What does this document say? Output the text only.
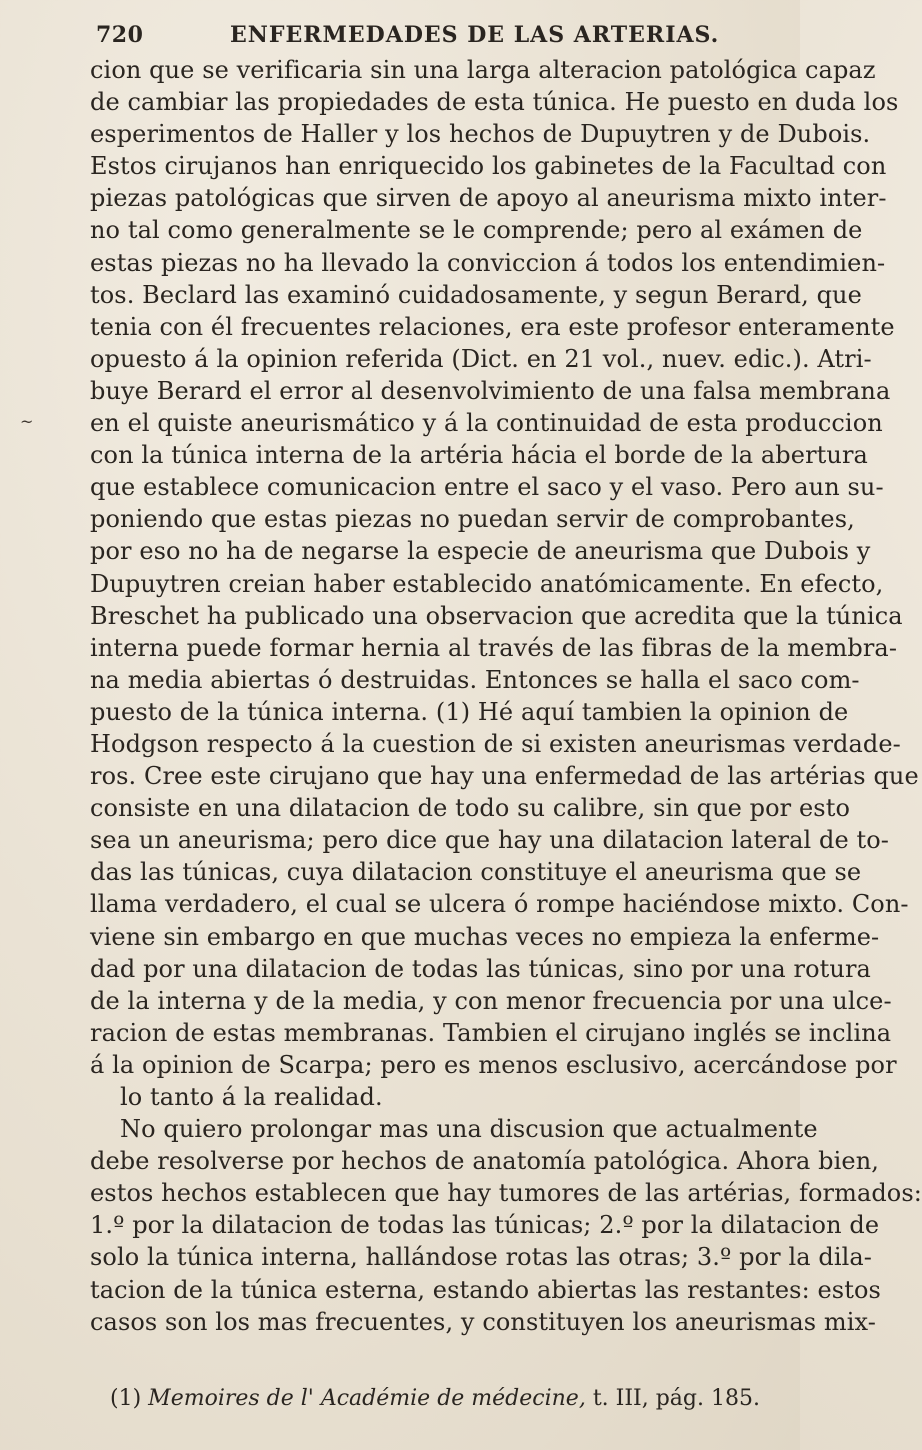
720	ENFERMEDADES DE LAS ARTERIAS.
~
cion que se verificaria sin una larga alteracion patológica capaz
de cambiar las propiedades de esta túnica. He puesto en duda los
esperimentos de Haller y los hechos de Dupuytren y de Dubois.
Estos cirujanos han enriquecido los gabinetes de la Facultad con
piezas patológicas que sirven de apoyo al aneurisma mixto inter-
no tal como generalmente se le comprende; pero al exámen de
estas piezas no ha llevado la conviccion á todos los entendimien-
tos. Beclard las examinó cuidadosamente, y segun Berard, que
tenia con él frecuentes relaciones, era este profesor enteramente
opuesto á la opinion referida (Dict. en 21 vol., nuev. edic.). Atri-
buye Berard el error al desenvolvimiento de una falsa membrana
en el quiste aneurismático y á la continuidad de esta produccion
con la túnica interna de la artéria hácia el borde de la abertura
que establece comunicacion entre el saco y el vaso. Pero aun su-
poniendo que estas piezas no puedan servir de comprobantes,
por eso no ha de negarse la especie de aneurisma que Dubois y
Dupuytren creian haber establecido anatómicamente. En efecto,
Breschet ha publicado una observacion que acredita que la túnica
interna puede formar hernia al través de las fibras de la membra-
na media abiertas ó destruidas. Entonces se halla el saco com-
puesto de la túnica interna. (1) Hé aquí tambien la opinion de
Hodgson respecto á la cuestion de si existen aneurismas verdade-
ros. Cree este cirujano que hay una enfermedad de las artérias que
consiste en una dilatacion de todo su calibre, sin que por esto
sea un aneurisma; pero dice que hay una dilatacion lateral de to-
das las túnicas, cuya dilatacion constituye el aneurisma que se
llama verdadero, el cual se ulcera ó rompe haciéndose mixto. Con-
viene sin embargo en que muchas veces no empieza la enferme-
dad por una dilatacion de todas las túnicas, sino por una rotura
de la interna y de la media, y con menor frecuencia por una ulce-
racion de estas membranas. Tambien el cirujano inglés se inclina
á la opinion de Scarpa; pero es menos esclusivo, acercándose por
lo tanto á la realidad.
No quiero prolongar mas una discusion que actualmente
debe resolverse por hechos de anatomía patológica. Ahora bien,
estos hechos establecen que hay tumores de las artérias, formados:
1.º por la dilatacion de todas las túnicas; 2.º por la dilatacion de
solo la túnica interna, hallándose rotas las otras; 3.º por la dila-
tacion de la túnica esterna, estando abiertas las restantes: estos
casos son los mas frecuentes, y constituyen los aneurismas mix-
(1) Memoires de l' Académie de médecine, t. III, pág. 185.
